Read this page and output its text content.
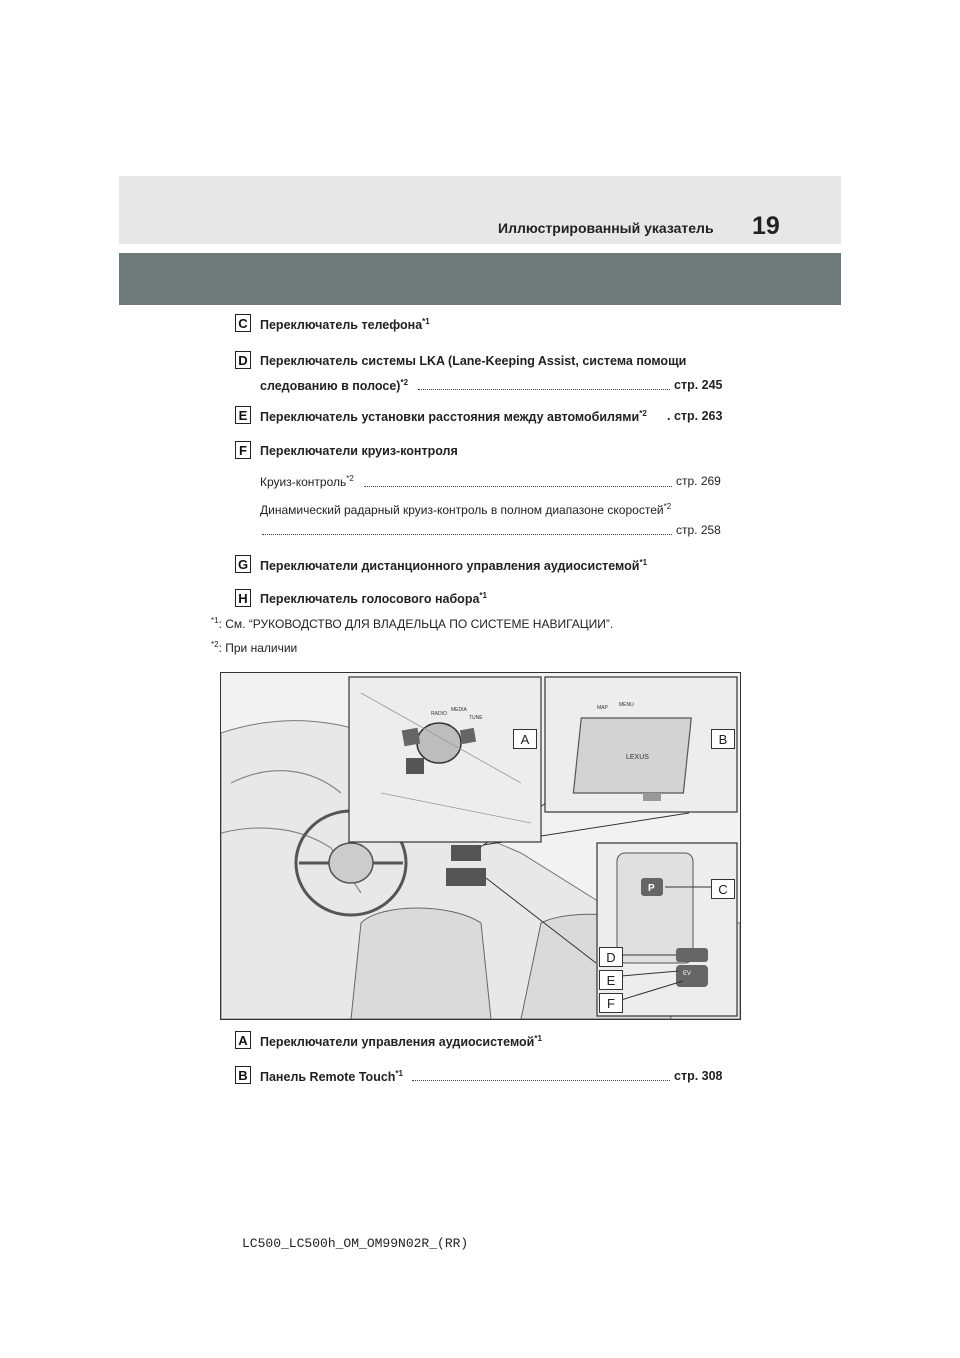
Иллюстрированный указатель 19
C Переключатель телефона$^{*1}$
D Переключатель системы LKA (Lane-Keeping Assist, система помощи
следованию в полосе)$^{*2}$	стр. 245
E Переключатель установки расстояния между автомобилями$^{*2}$ . стр. 263
F	Переключатели круиз-контроля
Круиз-контроль$^{*2}$	стр. 269
Динамический радарный круиз-контроль в полном диапазоне скоростей$^{*2}$
стр. 258
G Переключатели дистанционного управления аудиосистемой$^{*1}$
H Переключатель голосового набора$^{*1}$
$^{*1}$: См. “РУКОВОДСТВО ДЛЯ ВЛАДЕЛЬЦА ПО СИСТЕМЕ НАВИГАЦИИ”.
$^{*2}$: При наличии
RADIO
MEDIA
TUNE
LEXUS
MAP MENU
P
EV
A	B
C
D
E
F
A Переключатели управления аудиосистемой$^{*1}$
B Панель Remote Touch$^{*1}$	стр. 308
LC500_LC500h_OM_OM99N02R_(RR)
